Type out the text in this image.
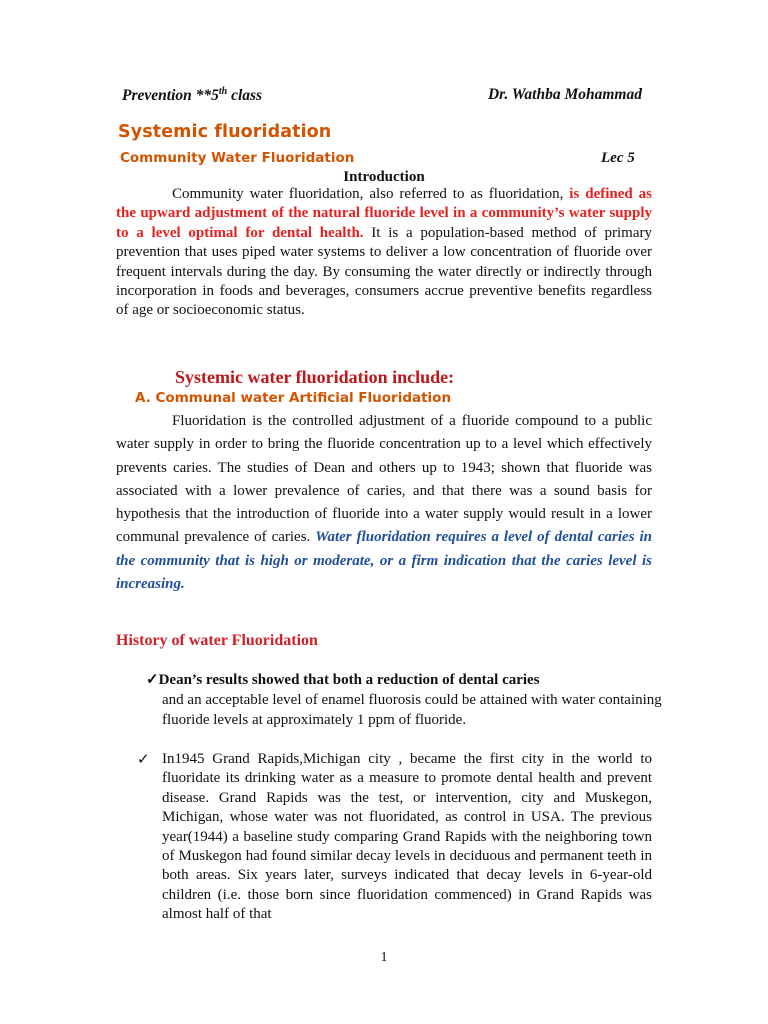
Prevention **5th class	Dr. Wathba Mohammad
Systemic fluoridation
Community Water Fluoridation	Lec 5
Introduction

Community water fluoridation, also referred to as fluoridation, is defined as the upward adjustment of the natural fluoride level in a community’s water supply to a level optimal for dental health. It is a population-based method of primary prevention that uses piped water systems to deliver a low concentration of fluoride over frequent intervals during the day. By consuming the water directly or indirectly through incorporation in foods and beverages, consumers accrue preventive benefits regardless of age or socioeconomic status.

Systemic water fluoridation include:
A. Communal water Artificial Fluoridation

Fluoridation is the controlled adjustment of a fluoride compound to a public water supply in order to bring the fluoride concentration up to a level which effectively prevents caries. The studies of Dean and others up to 1943; shown that fluoride was associated with a lower prevalence of caries, and that there was a sound basis for hypothesis that the introduction of fluoride into a water supply would result in a lower communal prevalence of caries. Water fluoridation requires a level of dental caries in the community that is high or moderate, or a firm indication that the caries level is increasing.

History of water Fluoridation
✓Dean’s results showed that both a reduction of dental caries
and an acceptable level of enamel fluorosis could be attained with water containing fluoride levels at approximately 1 ppm of fluoride.
✓ In1945 Grand Rapids,Michigan city , became the first city in the world to fluoridate its drinking water as a measure to promote dental health and prevent disease. Grand Rapids was the test, or intervention, city and Muskegon, Michigan, whose water was not fluoridated, as control in USA. The previous year(1944) a baseline study comparing Grand Rapids with the neighboring town of Muskegon had found similar decay levels in deciduous and permanent teeth in both areas. Six years later, surveys indicated that decay levels in 6-year-old children (i.e. those born since fluoridation commenced) in Grand Rapids was almost half of that
1
